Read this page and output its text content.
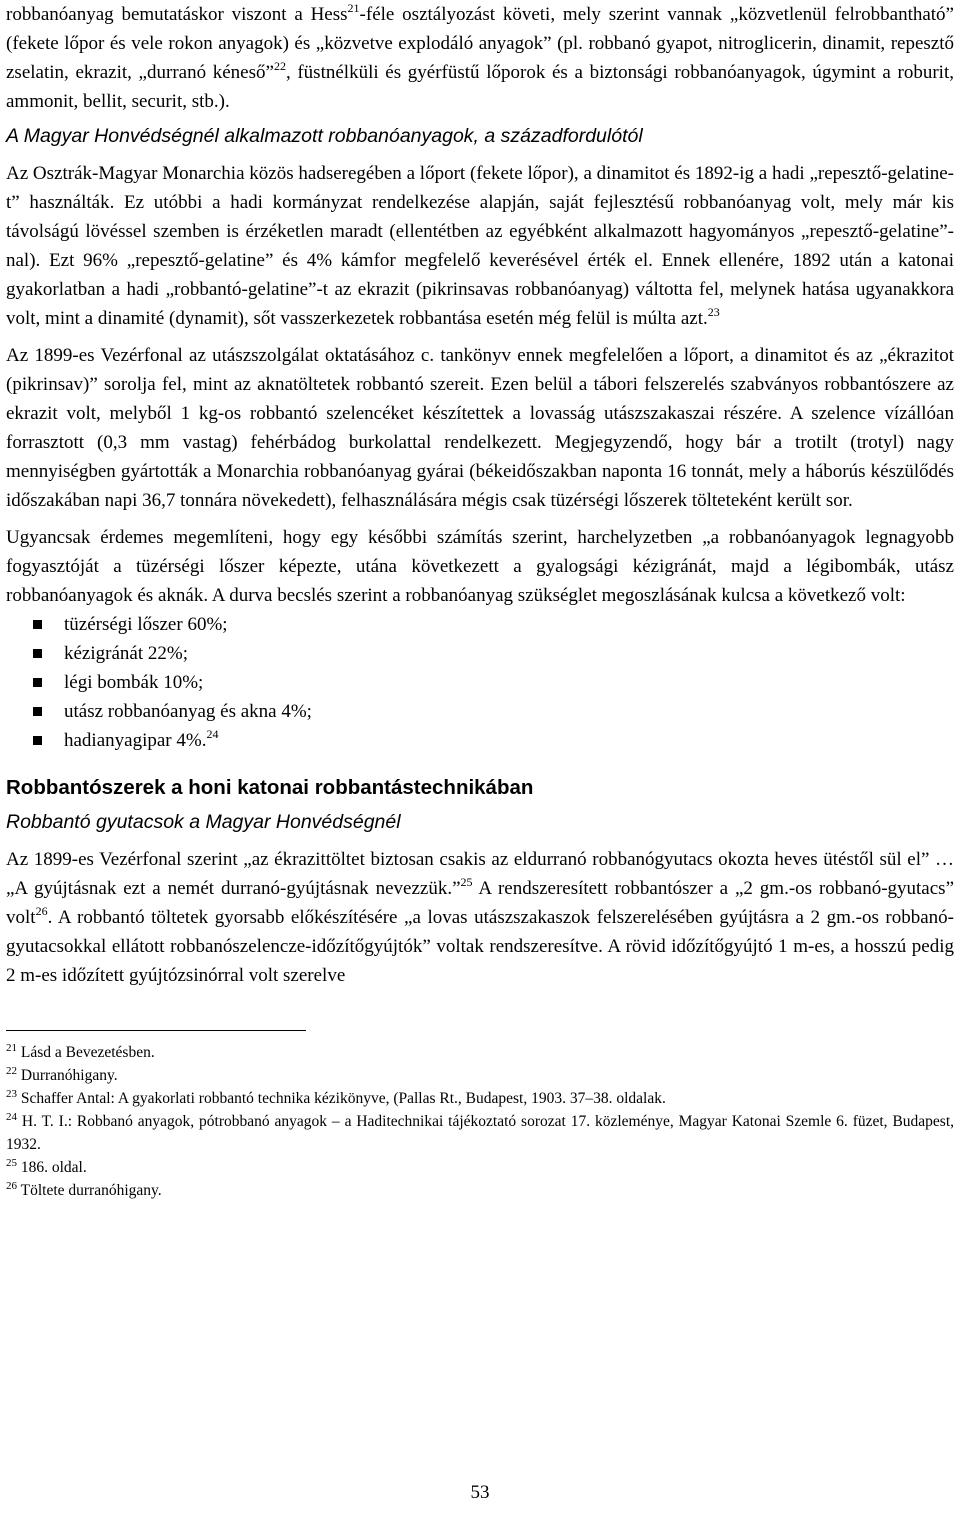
robbanóanyag bemutatáskor viszont a Hess$^{21}$-féle osztályozást követi, mely szerint vannak „közvetlenül felrobbantható” (fekete lőpor és vele rokon anyagok) és „közvetve explodáló anyagok” (pl. robbanó gyapot, nitroglicerin, dinamit, repesztő zselatin, ekrazit, „durranó kéneső”$^{22}$, füstnélküli és gyérfüstű lőporok és a biztonsági robbanóanyagok, úgymint a roburit, ammonit, bellit, securit, stb.).

A Magyar Honvédségnél alkalmazott robbanóanyagok, a századfordulótól

Az Osztrák-Magyar Monarchia közös hadseregében a lőport (fekete lőpor), a dinamitot és 1892-ig a hadi „repesztő-gelatine-t” használták. Ez utóbbi a hadi kormányzat rendelkezése alapján, saját fejlesztésű robbanóanyag volt, mely már kis távolságú lövéssel szemben is érzéketlen maradt (ellentétben az egyébként alkalmazott hagyományos „repesztő-gelatine”-nal). Ezt 96% „repesztő-gelatine” és 4% kámfor megfelelő keverésével érték el. Ennek ellenére, 1892 után a katonai gyakorlatban a hadi „robbantó-gelatine”-t az ekrazit (pikrinsavas robbanóanyag) váltotta fel, melynek hatása ugyanakkora volt, mint a dinamité (dynamit), sőt vasszerkezetek robbantása esetén még felül is múlta azt.$^{23}$

Az 1899-es Vezérfonal az utászszolgálat oktatásához c. tankönyv ennek megfelelően a lőport, a dinamitot és az „ékrazitot (pikrinsav)” sorolja fel, mint az aknatöltetek robbantó szereit. Ezen belül a tábori felszerelés szabványos robbantószere az ekrazit volt, melyből 1 kg-os robbantó szelencéket készítettek a lovasság utászszakaszai részére. A szelence vízállóan forrasztott (0,3 mm vastag) fehérbádog burkolattal rendelkezett. Megjegyzendő, hogy bár a trotilt (trotyl) nagy mennyiségben gyártották a Monarchia robbanóanyag gyárai (békeidőszakban naponta 16 tonnát, mely a háborús készülődés időszakában napi 36,7 tonnára növekedett), felhasználására mégis csak tüzérségi lőszerek tölteteként került sor.

Ugyancsak érdemes megemlíteni, hogy egy későbbi számítás szerint, harchelyzetben „a robbanóanyagok legnagyobb fogyasztóját a tüzérségi lőszer képezte, utána következett a gyalogsági kézigránát, majd a légibombák, utász robbanóanyagok és aknák. A durva becslés szerint a robbanóanyag szükséglet megoszlásának kulcsa a következő volt:

tüzérségi lőszer 60%;
kézigránát 22%;
légi bombák 10%;
utász robbanóanyag és akna 4%;
hadianyagipar 4%.$^{24}$
Robbantószerek a honi katonai robbantástechnikában
Robbantó gyutacsok a Magyar Honvédségnél

Az 1899-es Vezérfonal szerint „az ékrazittöltet biztosan csakis az eldurranó robbanógyutacs okozta heves ütéstől sül el” … „A gyújtásnak ezt a nemét durranó-gyújtásnak nevezzük.”$^{25}$ A rendszeresített robbantószer a „2 gm.-os robbanó-gyutacs” volt$^{26}$. A robbantó töltetek gyorsabb előkészítésére „a lovas utászszakaszok felszerelésében gyújtásra a 2 gm.-os robbanó-gyutacsokkal ellátott robbanószelencze-időzítőgyújtók” voltak rendszeresítve. A rövid időzítőgyújtó 1 m-es, a hosszú pedig 2 m-es időzített gyújtózsinórral volt szerelve

$^{21}$ Lásd a Bevezetésben.

$^{22}$ Durranóhigany.

$^{23}$ Schaffer Antal: A gyakorlati robbantó technika kézikönyve, (Pallas Rt., Budapest, 1903. 37–38. oldalak.

$^{24}$ H. T. I.: Robbanó anyagok, pótrobbanó anyagok – a Haditechnikai tájékoztató sorozat 17. közleménye, Magyar Katonai Szemle 6. füzet, Budapest, 1932.

$^{25}$ 186. oldal.

$^{26}$ Töltete durranóhigany.

53
